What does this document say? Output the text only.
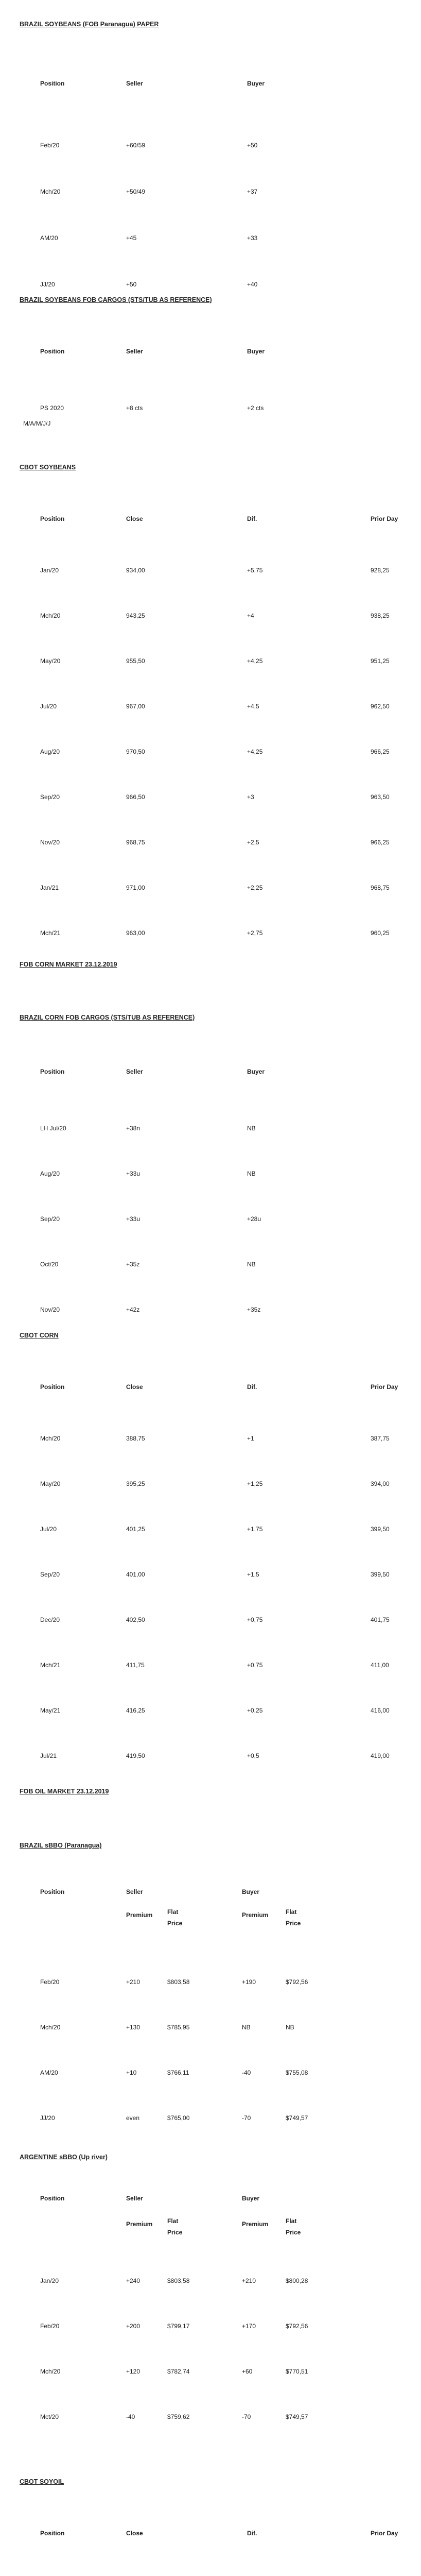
BRAZIL SOYBEANS (FOB Paranagua) PAPER
Position	Seller	Buyer
Feb/20	+60/59	+50
Mch/20	+50/49	+37
AM/20	+45	+33
JJ/20	+50	+40
BRAZIL SOYBEANS FOB CARGOS (STS/TUB AS REFERENCE)
Position	Seller	Buyer
PS 2020	+8 cts	+2 cts
M/A/M/J/J
CBOT SOYBEANS
Position	Close	Dif.	Prior Day
Jan/20	934,00	+5,75	928,25
Mch/20	943,25	+4	938,25
May/20	955,50	+4,25	951,25
Jul/20	967,00	+4,5	962,50
Aug/20	970,50	+4,25	966,25
Sep/20	966,50	+3	963,50
Nov/20	968,75	+2,5	966,25
Jan/21	971,00	+2,25	968,75
Mch/21	963,00	+2,75	960,25
FOB CORN MARKET 23.12.2019
BRAZIL CORN FOB CARGOS (STS/TUB AS REFERENCE)
Position	Seller	Buyer
LH Jul/20	+38n	NB
Aug/20	+33u	NB
Sep/20	+33u	+28u
Oct/20	+35z	NB
Nov/20	+42z	+35z
CBOT CORN
Position	Close	Dif.	Prior Day
Mch/20	388,75	+1	387,75
May/20	395,25	+1,25	394,00
Jul/20	401,25	+1,75	399,50
Sep/20	401,00	+1,5	399,50
Dec/20	402,50	+0,75	401,75
Mch/21	411,75	+0,75	411,00
May/21	416,25	+0,25	416,00
Jul/21	419,50	+0,5	419,00
FOB OIL MARKET 23.12.2019
BRAZIL sBBO (Paranagua)
Position	Seller	Buyer
Premium Flat Price
Premium	Flat Price
Feb/20	+210	$803,58	+190	$792,56
Mch/20	+130	$785,95	NB	NB
AM/20	+10	$766,11	-40	$755,08
JJ/20	even	$765,00	-70	$749,57
ARGENTINE sBBO (Up river)
Position	Seller	Buyer
Premium Flat Price
Premium	Flat Price
Jan/20	+240	$803,58	+210	$800,28
Feb/20	+200	$799,17	+170	$792,56
Mch/20	+120	$782,74	+60	$770,51
Mct/20	-40	$759,62	-70	$749,57
CBOT SOYOIL
Position	Close	Dif.	Prior Day
